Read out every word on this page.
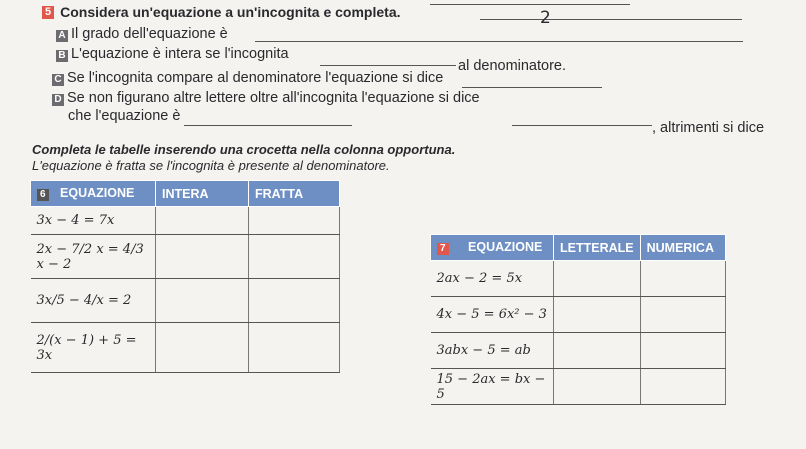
5 Considera un'equazione a un'incognita e completa.	2
A Il grado dell'equazione è
B L'equazione è intera se l'incognita
al denominatore.
C Se l'incognita compare al denominatore l'equazione si dice
D Se non figurano altre lettere oltre all'incognita l'equazione si dice
che l'equazione è
, altrimenti si dice
Completa le tabelle inserendo una crocetta nella colonna opportuna.
L'equazione è fratta se l'incognita è presente al denominatore.
6 EQUAZIONE	INTERA	FRATTA
3x − 4 = 7x		
2x − 7/2 x = 4/3 x − 2		
3x/5 − 4/x = 2		
2/(x − 1) + 5 = 3x		
7 EQUAZIONE	LETTERALE	NUMERICA
2ax − 2 = 5x		
4x − 5 = 6x² − 3		
3abx − 5 = ab		
15 − 2ax = bx − 5		
